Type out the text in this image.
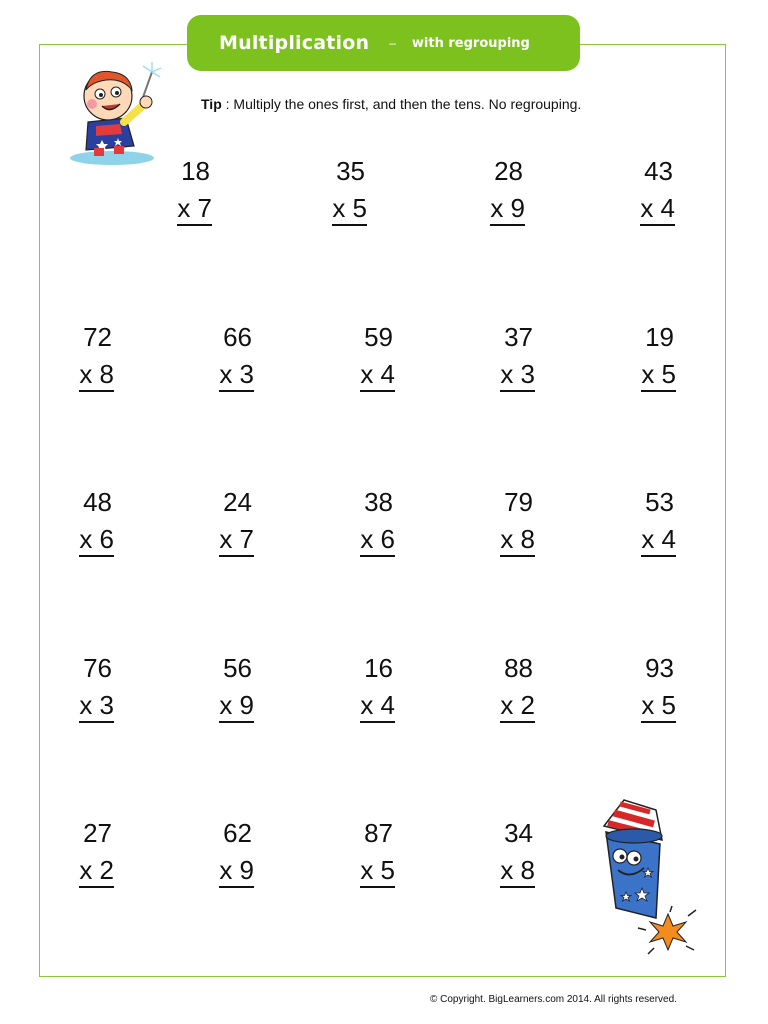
Multiplication – with regrouping
Tip : Multiply the ones first, and then the tens. No regrouping.
18
x 7
35
x 5
28
x 9
43
x 4
72
x 8
66
x 3
59
x 4
37
x 3
19
x 5
48
x 6
24
x 7
38
x 6
79
x 8
53
x 4
76
x 3
56
x 9
16
x 4
88
x 2
93
x 5
27
x 2
62
x 9
87
x 5
34
x 8
© Copyright. BigLearners.com 2014. All rights reserved.
